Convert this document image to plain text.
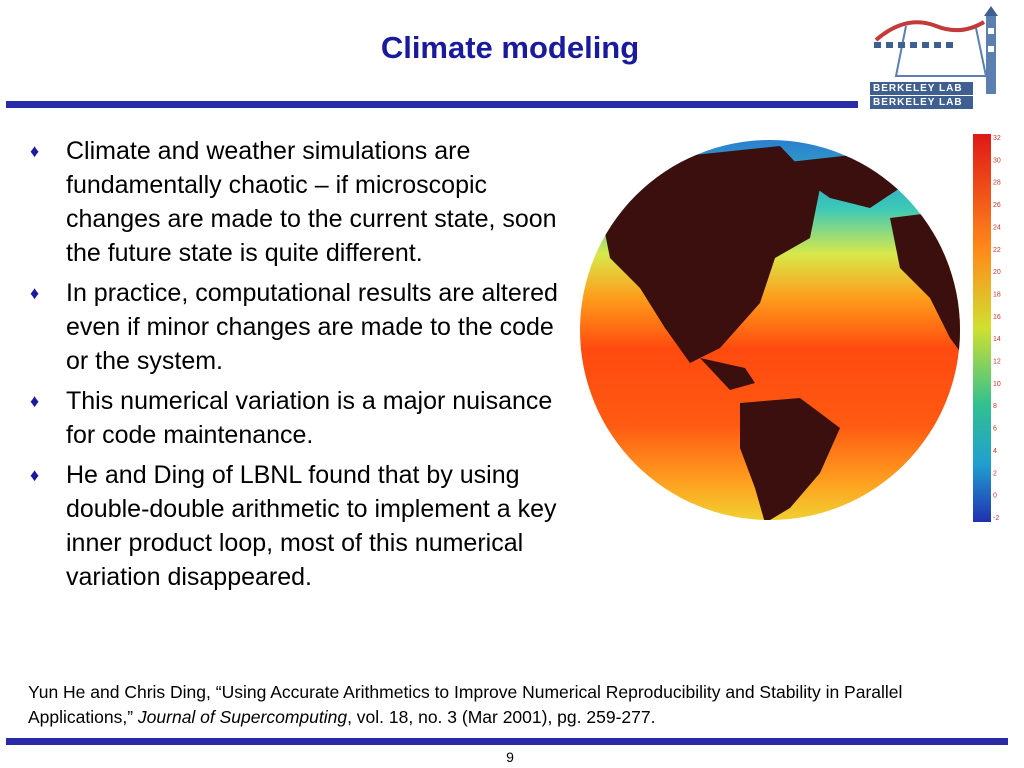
Climate modeling
BERKELEY LAB
BERKELEY LAB
♦ Climate and weather simulations are fundamentally chaotic – if microscopic changes are made to the current state, soon the future state is quite different.
♦ In practice, computational results are altered even if minor changes are made to the code or the system.
♦ This numerical variation is a major nuisance for code maintenance.
♦ He and Ding of LBNL found that by using double-double arithmetic to implement a key inner product loop, most of this numerical variation disappeared.
32
30
28
26
24
22
20
18
16
14
12
10
8
6
4
2
0
-2
Yun He and Chris Ding, “Using Accurate Arithmetics to Improve Numerical Reproducibility and Stability in Parallel Applications,” Journal of Supercomputing, vol. 18, no. 3 (Mar 2001), pg. 259-277.
9
